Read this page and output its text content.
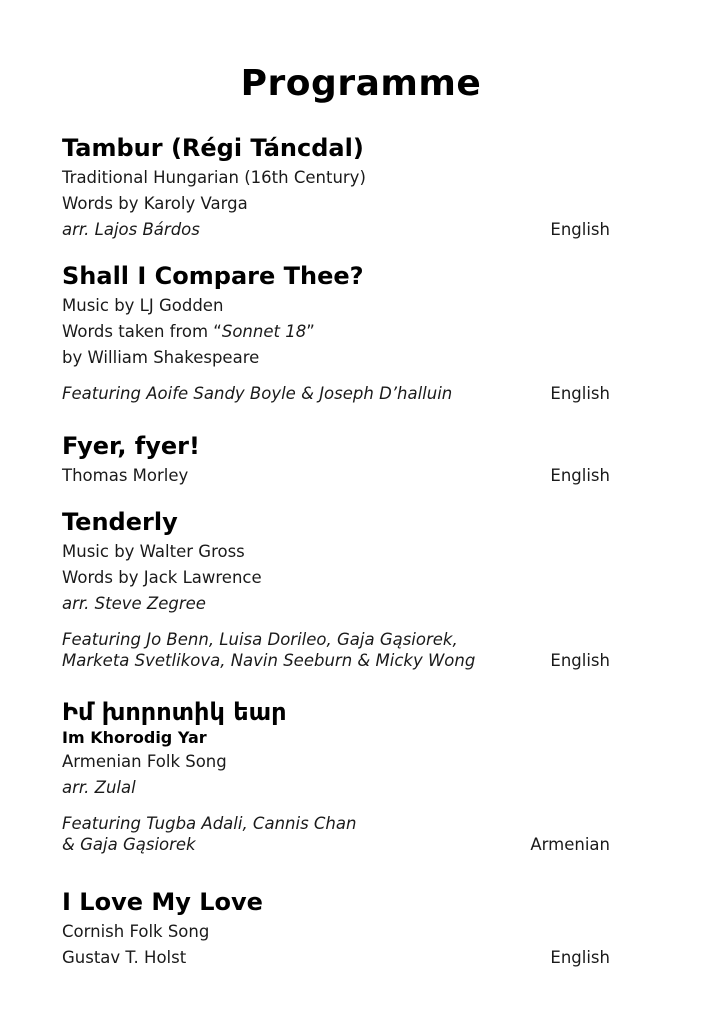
Programme
Tambur (Régi Táncdal)
Traditional Hungarian (16th Century)
Words by Karoly Varga
arr. Lajos Bárdos	English
Shall I Compare Thee?
Music by LJ Godden
Words taken from “Sonnet 18”
by William Shakespeare
Featuring Aoife Sandy Boyle & Joseph D’halluin	English
Fyer, fyer!
Thomas Morley	English
Tenderly
Music by Walter Gross
Words by Jack Lawrence
arr. Steve Zegree
Featuring Jo Benn, Luisa Dorileo, Gaja Gąsiorek,
Marketa Svetlikova, Navin Seeburn & Micky Wong	English
Իմ խորոտիկ եար
Im Khorodig Yar
Armenian Folk Song
arr. Zulal
Featuring Tugba Adali, Cannis Chan
& Gaja Gąsiorek	Armenian
I Love My Love
Cornish Folk Song
Gustav T. Holst	English
